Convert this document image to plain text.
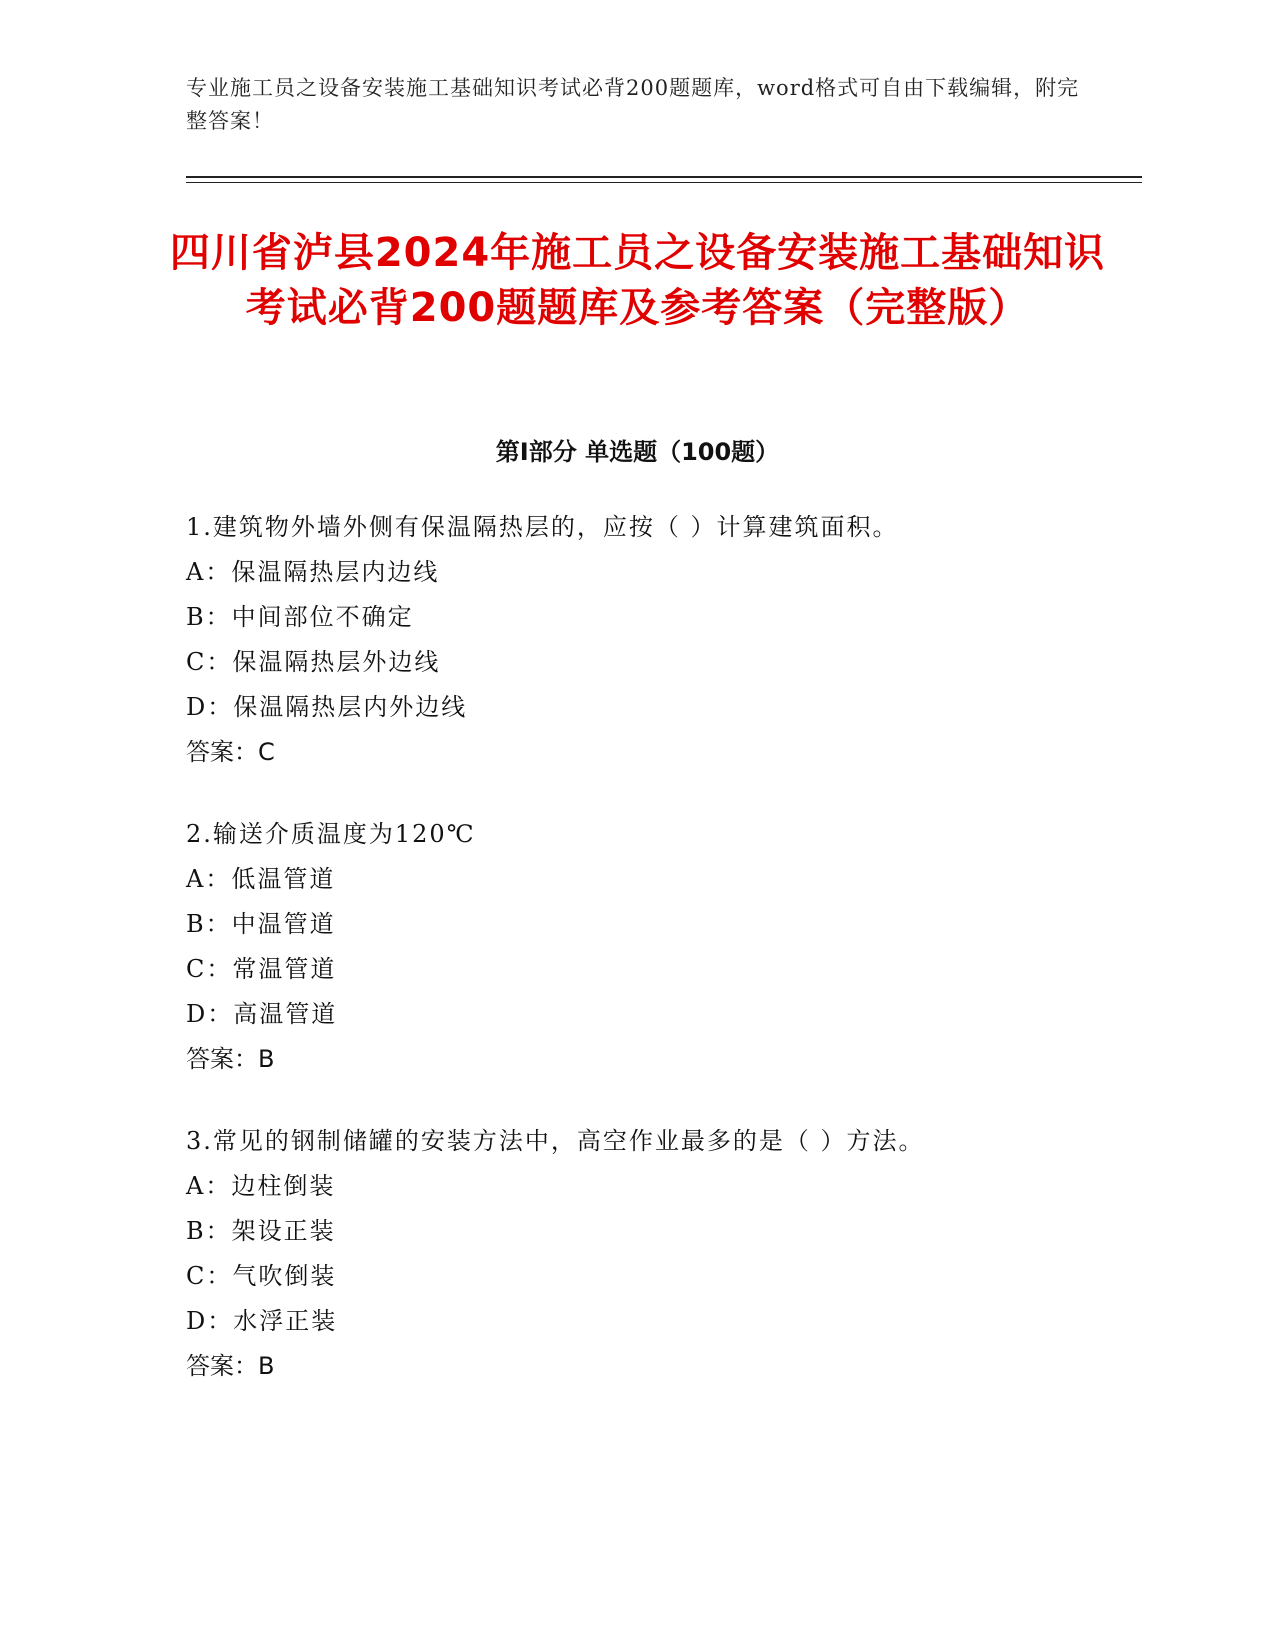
专业施工员之设备安装施工基础知识考试必背200题题库，word格式可自由下载编辑，附完整答案！
四川省泸县2024年施工员之设备安装施工基础知识考试必背200题题库及参考答案（完整版）
第Ⅰ部分 单选题（100题）
1.建筑物外墙外侧有保温隔热层的，应按（ ）计算建筑面积。
A：保温隔热层内边线
B：中间部位不确定
C：保温隔热层外边线
D：保温隔热层内外边线
答案：C
2.输送介质温度为120℃
A：低温管道
B：中温管道
C：常温管道
D：高温管道
答案：B
3.常见的钢制储罐的安装方法中，高空作业最多的是（ ）方法。
A：边柱倒装
B：架设正装
C：气吹倒装
D：水浮正装
答案：B
